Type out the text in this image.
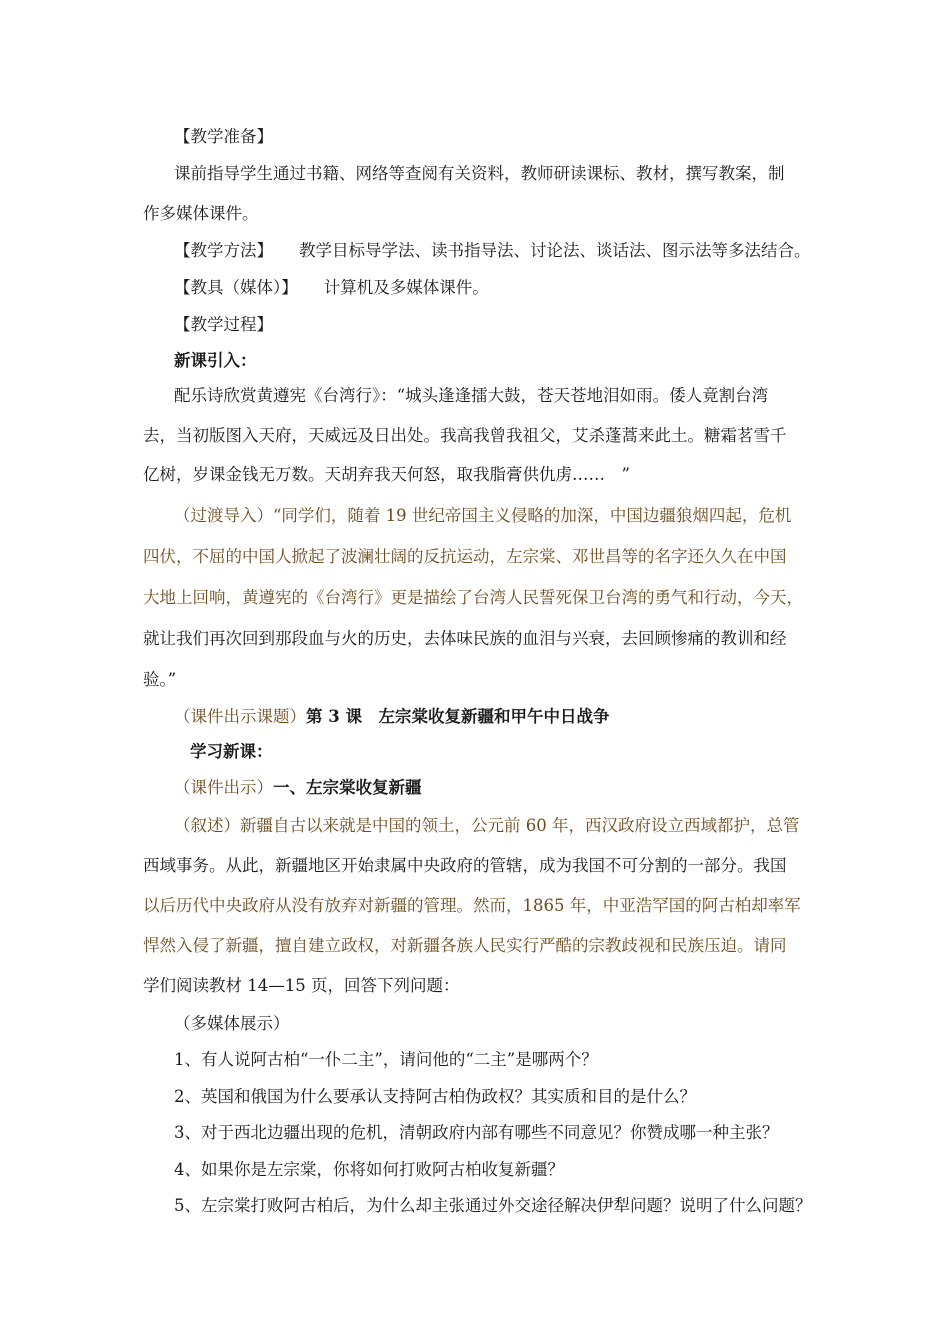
【教学准备】
课前指导学生通过书籍、网络等查阅有关资料，教师研读课标、教材，撰写教案，制
作多媒体课件。
【教学方法】 教学目标导学法、读书指导法、讨论法、谈话法、图示法等多法结合。
【教具（媒体）】 计算机及多媒体课件。
【教学过程】
新课引入：
配乐诗欣赏黄遵宪《台湾行》：“城头逢逢擂大鼓，苍天苍地泪如雨。倭人竟割台湾
去，当初版图入天府，天威远及日出处。我高我曾我祖父，艾杀蓬蒿来此土。糖霜茗雪千
亿树，岁课金钱无万数。天胡弃我天何怒，取我脂膏供仇虏……　”
（过渡导入）“同学们，随着 19 世纪帝国主义侵略的加深，中国边疆狼烟四起，危机
四伏，不屈的中国人掀起了波澜壮阔的反抗运动，左宗棠、邓世昌等的名字还久久在中国
大地上回响，黄遵宪的《台湾行》更是描绘了台湾人民誓死保卫台湾的勇气和行动，今天，
就让我们再次回到那段血与火的历史，去体味民族的血泪与兴衰，去回顾惨痛的教训和经
验。”
（课件出示课题）第 3 课　左宗棠收复新疆和甲午中日战争
学习新课：
（课件出示）一、左宗棠收复新疆
（叙述）新疆自古以来就是中国的领土，公元前 60 年，西汉政府设立西域都护，总管
西域事务。从此，新疆地区开始隶属中央政府的管辖，成为我国不可分割的一部分。我国
以后历代中央政府从没有放弃对新疆的管理。然而，1865 年，中亚浩罕国的阿古柏却率军
悍然入侵了新疆，擅自建立政权，对新疆各族人民实行严酷的宗教歧视和民族压迫。请同
学们阅读教材 14—15 页，回答下列问题：
（多媒体展示）
1、有人说阿古柏“一仆二主”，请问他的“二主”是哪两个？
2、英国和俄国为什么要承认支持阿古柏伪政权？其实质和目的是什么？
3、对于西北边疆出现的危机，清朝政府内部有哪些不同意见？你赞成哪一种主张？
4、如果你是左宗棠，你将如何打败阿古柏收复新疆？
5、左宗棠打败阿古柏后，为什么却主张通过外交途径解决伊犁问题？说明了什么问题？
